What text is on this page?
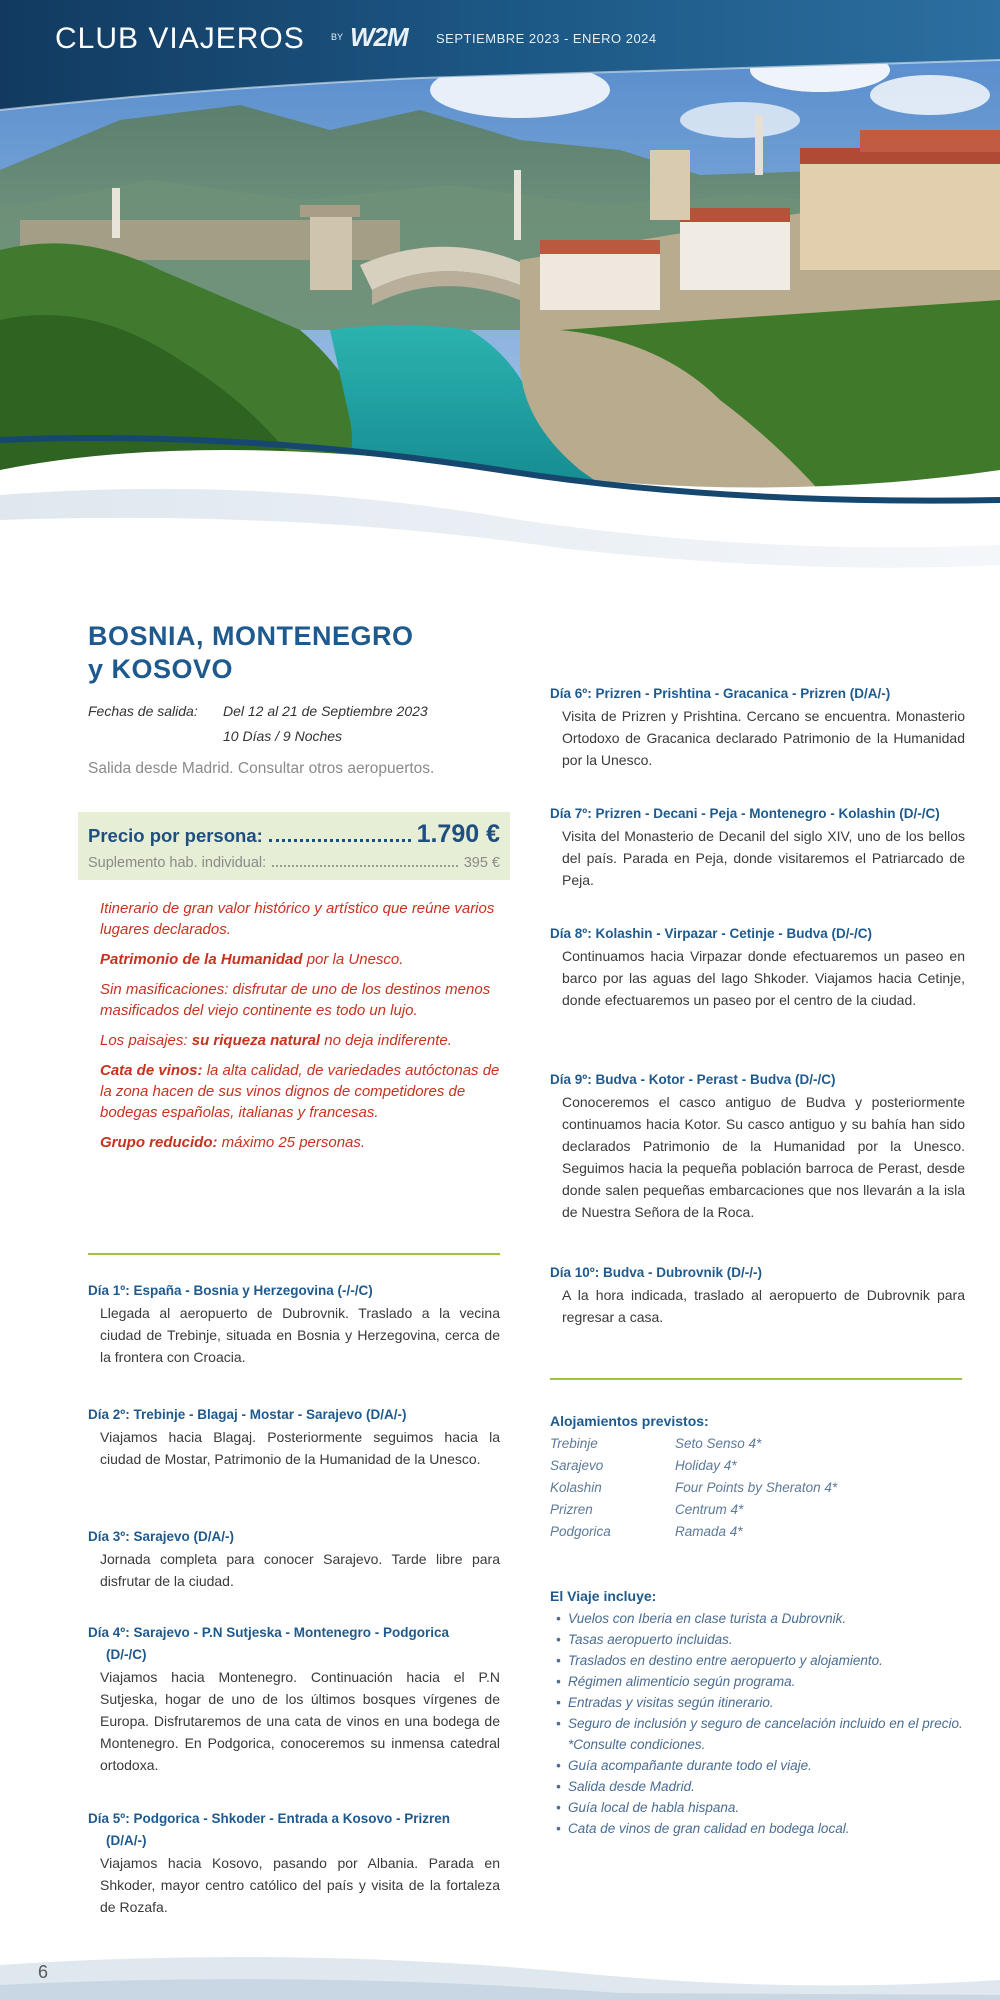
CLUB VIAJEROS	BY W2M SEPTIEMBRE 2023 - ENERO 2024
BOSNIA, MONTENEGRO
y KOSOVO
Fechas de salida: Del 12 al 21 de Septiembre 2023
10 Días / 9 Noches
Salida desde Madrid. Consultar otros aeropuertos.
Precio por persona:	1.790 €
Suplemento hab. individual:	395 €

Itinerario de gran valor histórico y artístico que reúne varios lugares declarados.

Patrimonio de la Humanidad por la Unesco.

Sin masificaciones: disfrutar de uno de los destinos menos masificados del viejo continente es todo un lujo.

Los paisajes: su riqueza natural no deja indiferente.

Cata de vinos: la alta calidad, de variedades autóctonas de la zona hacen de sus vinos dignos de competidores de bodegas españolas, italianas y francesas.

Grupo reducido: máximo 25 personas.

Día 1º: España - Bosnia y Herzegovina (-/-/C)
Llegada al aeropuerto de Dubrovnik. Traslado a la vecina ciudad de Trebinje, situada en Bosnia y Herzegovina, cerca de la frontera con Croacia.
Día 2º: Trebinje - Blagaj - Mostar - Sarajevo (D/A/-)
Viajamos hacia Blagaj. Posteriormente seguimos hacia la ciudad de Mostar, Patrimonio de la Humanidad de la Unesco.
Día 3º: Sarajevo (D/A/-)
Jornada completa para conocer Sarajevo. Tarde libre para disfrutar de la ciudad.
Día 4º: Sarajevo - P.N Sutjeska - Montenegro - Podgorica
(D/-/C)
Viajamos hacia Montenegro. Continuación hacia el P.N Sutjeska, hogar de uno de los últimos bosques vírgenes de Europa. Disfrutaremos de una cata de vinos en una bodega de Montenegro. En Podgorica, conoceremos su inmensa catedral ortodoxa.
Día 5º: Podgorica - Shkoder - Entrada a Kosovo - Prizren
(D/A/-)
Viajamos hacia Kosovo, pasando por Albania. Parada en Shkoder, mayor centro católico del país y visita de la fortaleza de Rozafa.
Día 6º: Prizren - Prishtina - Gracanica - Prizren (D/A/-)
Visita de Prizren y Prishtina. Cercano se encuentra. Monasterio Ortodoxo de Gracanica declarado Patrimonio de la Humanidad por la Unesco.
Día 7º: Prizren - Decani - Peja - Montenegro - Kolashin (D/-/C)
Visita del Monasterio de Decanil del siglo XIV, uno de los bellos del país. Parada en Peja, donde visitaremos el Patriarcado de Peja.
Día 8º: Kolashin - Virpazar - Cetinje - Budva (D/-/C)
Continuamos hacia Virpazar donde efectuaremos un paseo en barco por las aguas del lago Shkoder. Viajamos hacia Cetinje, donde efectuaremos un paseo por el centro de la ciudad.
Día 9º: Budva - Kotor - Perast - Budva (D/-/C)
Conoceremos el casco antiguo de Budva y posteriormente continuamos hacia Kotor. Su casco antiguo y su bahía han sido declarados Patrimonio de la Humanidad por la Unesco. Seguimos hacia la pequeña población barroca de Perast, desde donde salen pequeñas embarcaciones que nos llevarán a la isla de Nuestra Señora de la Roca.
Día 10º: Budva - Dubrovnik (D/-/-)
A la hora indicada, traslado al aeropuerto de Dubrovnik para regresar a casa.
Alojamientos previstos:
Trebinje	Seto Senso 4*
Sarajevo	Holiday 4*
Kolashin	Four Points by Sheraton 4*
Prizren	Centrum 4*
Podgorica	Ramada 4*
El Viaje incluye:
• Vuelos con Iberia en clase turista a Dubrovnik.
• Tasas aeropuerto incluidas.
• Traslados en destino entre aeropuerto y alojamiento.
• Régimen alimenticio según programa.
• Entradas y visitas según itinerario.
• Seguro de inclusión y seguro de cancelación incluido en el precio. *Consulte condiciones.
• Guía acompañante durante todo el viaje.
• Salida desde Madrid.
• Guía local de habla hispana.
• Cata de vinos de gran calidad en bodega local.
6
